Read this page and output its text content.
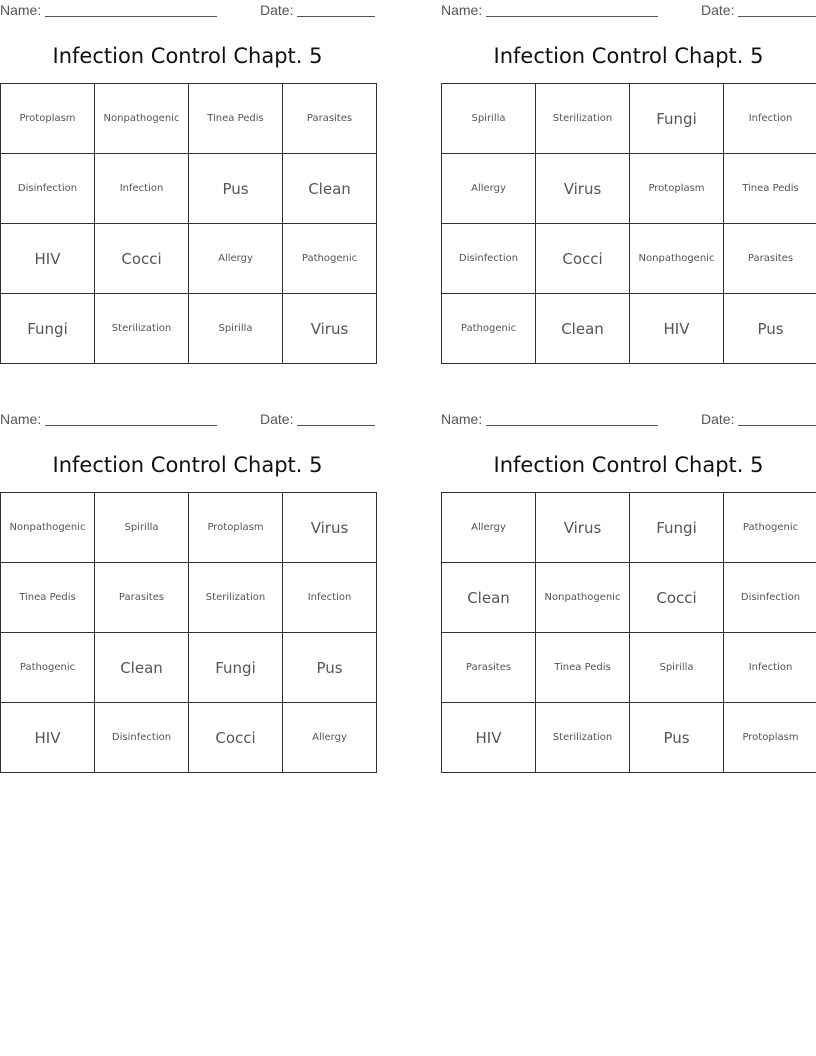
Name:	Date:
Infection Control Chapt. 5
Protoplasm	Nonpathogenic	Tinea Pedis	Parasites
Disinfection	Infection	Pus	Clean
HIV	Cocci	Allergy	Pathogenic
Fungi	Sterilization	Spirilla	Virus
Name:	Date:
Infection Control Chapt. 5
Spirilla	Sterilization	Fungi	Infection
Allergy	Virus	Protoplasm	Tinea Pedis
Disinfection	Cocci	Nonpathogenic	Parasites
Pathogenic	Clean	HIV	Pus
Name:	Date:
Infection Control Chapt. 5
Nonpathogenic	Spirilla	Protoplasm	Virus
Tinea Pedis	Parasites	Sterilization	Infection
Pathogenic	Clean	Fungi	Pus
HIV	Disinfection	Cocci	Allergy
Name:	Date:
Infection Control Chapt. 5
Allergy	Virus	Fungi	Pathogenic
Clean	Nonpathogenic	Cocci	Disinfection
Parasites	Tinea Pedis	Spirilla	Infection
HIV	Sterilization	Pus	Protoplasm
